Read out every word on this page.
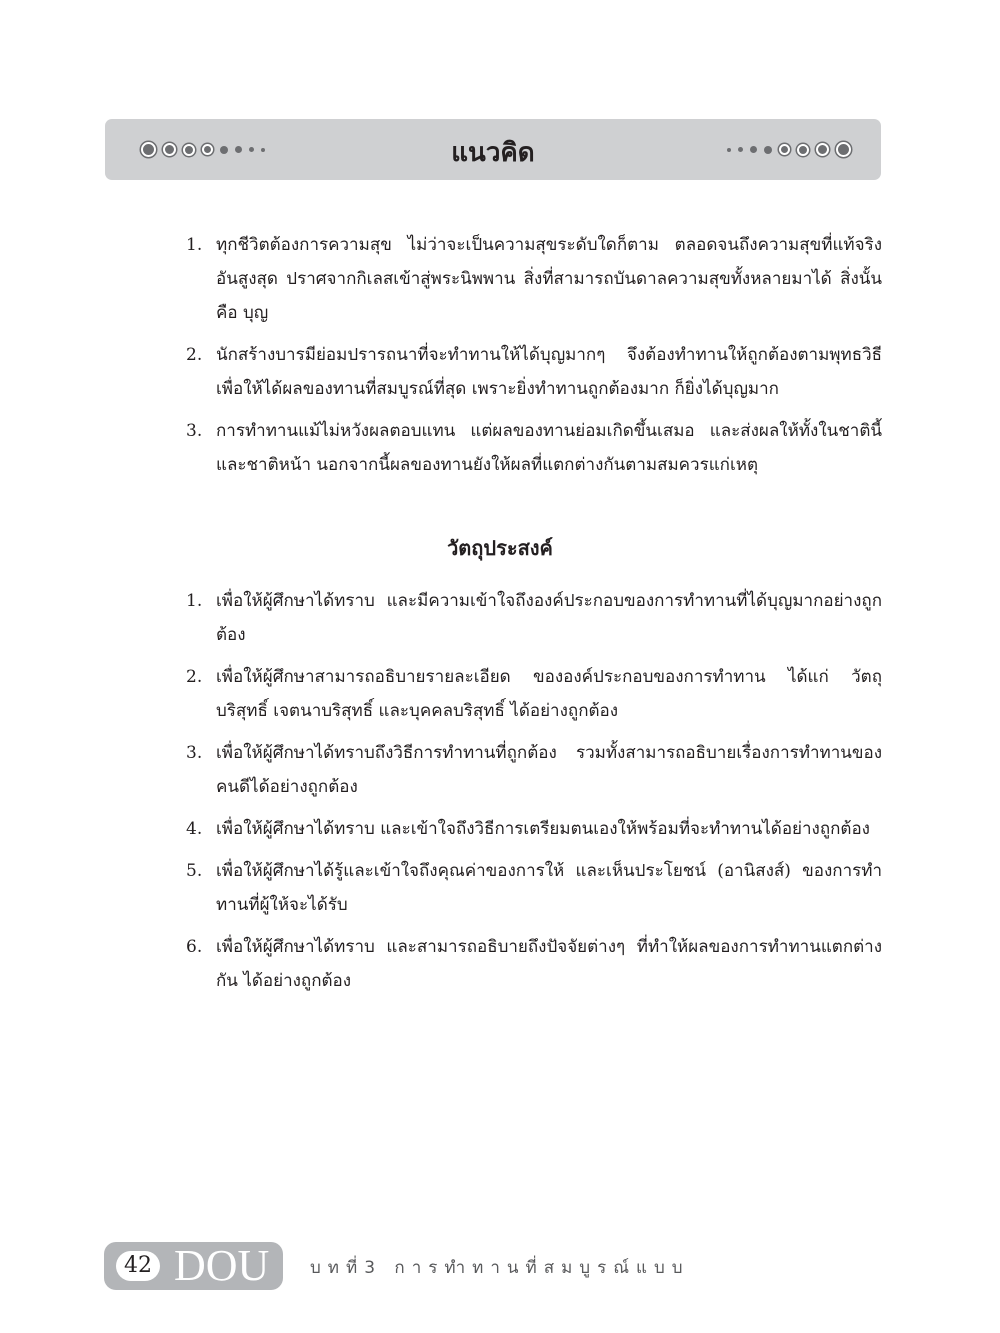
แนวคิด
1. ทุกชีวิตต้องการความสุข ไม่ว่าจะเป็นความสุขระดับใดก็ตาม ตลอดจนถึงความสุขที่แท้จริงอันสูงสุด ปราศจากกิเลสเข้าสู่พระนิพพาน สิ่งที่สามารถบันดาลความสุขทั้งหลายมาได้ สิ่งนั้นคือ บุญ
2. นักสร้างบารมีย่อมปรารถนาที่จะทำทานให้ได้บุญมากๆ จึงต้องทำทานให้ถูกต้องตามพุทธวิธี เพื่อให้ได้ผลของทานที่สมบูรณ์ที่สุด เพราะยิ่งทำทานถูกต้องมาก ก็ยิ่งได้บุญมาก
3. การทำทานแม้ไม่หวังผลตอบแทน แต่ผลของทานย่อมเกิดขึ้นเสมอ และส่งผลให้ทั้งในชาตินี้และชาติหน้า นอกจากนี้ผลของทานยังให้ผลที่แตกต่างกันตามสมควรแก่เหตุ
วัตถุประสงค์
1. เพื่อให้ผู้ศึกษาได้ทราบ และมีความเข้าใจถึงองค์ประกอบของการทำทานที่ได้บุญมากอย่างถูกต้อง
2. เพื่อให้ผู้ศึกษาสามารถอธิบายรายละเอียด ขององค์ประกอบของการทำทาน ได้แก่ วัตถุบริสุทธิ์ เจตนาบริสุทธิ์ และบุคคลบริสุทธิ์ ได้อย่างถูกต้อง
3. เพื่อให้ผู้ศึกษาได้ทราบถึงวิธีการทำทานที่ถูกต้อง รวมทั้งสามารถอธิบายเรื่องการทำทานของคนดีได้อย่างถูกต้อง
4. เพื่อให้ผู้ศึกษาได้ทราบ และเข้าใจถึงวิธีการเตรียมตนเองให้พร้อมที่จะทำทานได้อย่างถูกต้อง
5. เพื่อให้ผู้ศึกษาได้รู้และเข้าใจถึงคุณค่าของการให้ และเห็นประโยชน์ (อานิสงส์) ของการทำทานที่ผู้ให้จะได้รับ
6. เพื่อให้ผู้ศึกษาได้ทราบ และสามารถอธิบายถึงปัจจัยต่างๆ ที่ทำให้ผลของการทำทานแตกต่างกัน ได้อย่างถูกต้อง
42 DOU บทที่3 การทำทานที่สมบูรณ์แบบ
